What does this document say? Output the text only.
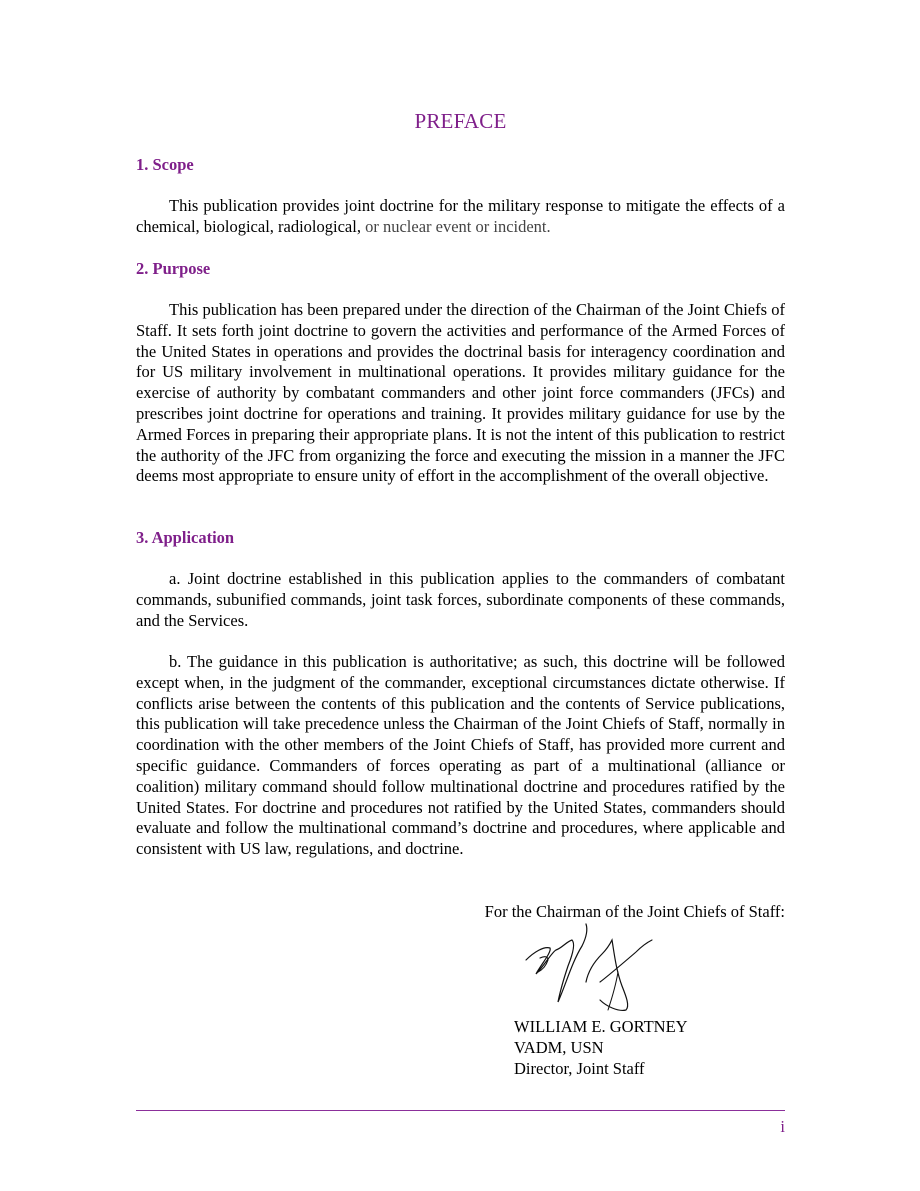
PREFACE
1. Scope

This publication provides joint doctrine for the military response to mitigate the effects of a chemical, biological, radiological, or nuclear event or incident.

2. Purpose

This publication has been prepared under the direction of the Chairman of the Joint Chiefs of Staff. It sets forth joint doctrine to govern the activities and performance of the Armed Forces of the United States in operations and provides the doctrinal basis for interagency coordination and for US military involvement in multinational operations. It provides military guidance for the exercise of authority by combatant commanders and other joint force commanders (JFCs) and prescribes joint doctrine for operations and training. It provides military guidance for use by the Armed Forces in preparing their appropriate plans. It is not the intent of this publication to restrict the authority of the JFC from organizing the force and executing the mission in a manner the JFC deems most appropriate to ensure unity of effort in the accomplishment of the overall objective.

3. Application

a. Joint doctrine established in this publication applies to the commanders of combatant commands, subunified commands, joint task forces, subordinate components of these commands, and the Services.

b. The guidance in this publication is authoritative; as such, this doctrine will be followed except when, in the judgment of the commander, exceptional circumstances dictate otherwise. If conflicts arise between the contents of this publication and the contents of Service publications, this publication will take precedence unless the Chairman of the Joint Chiefs of Staff, normally in coordination with the other members of the Joint Chiefs of Staff, has provided more current and specific guidance. Commanders of forces operating as part of a multinational (alliance or coalition) military command should follow multinational doctrine and procedures ratified by the United States. For doctrine and procedures not ratified by the United States, commanders should evaluate and follow the multinational command’s doctrine and procedures, where applicable and consistent with US law, regulations, and doctrine.

For the Chairman of the Joint Chiefs of Staff:
WILLIAM E. GORTNEY
VADM, USN
Director, Joint Staff
i
